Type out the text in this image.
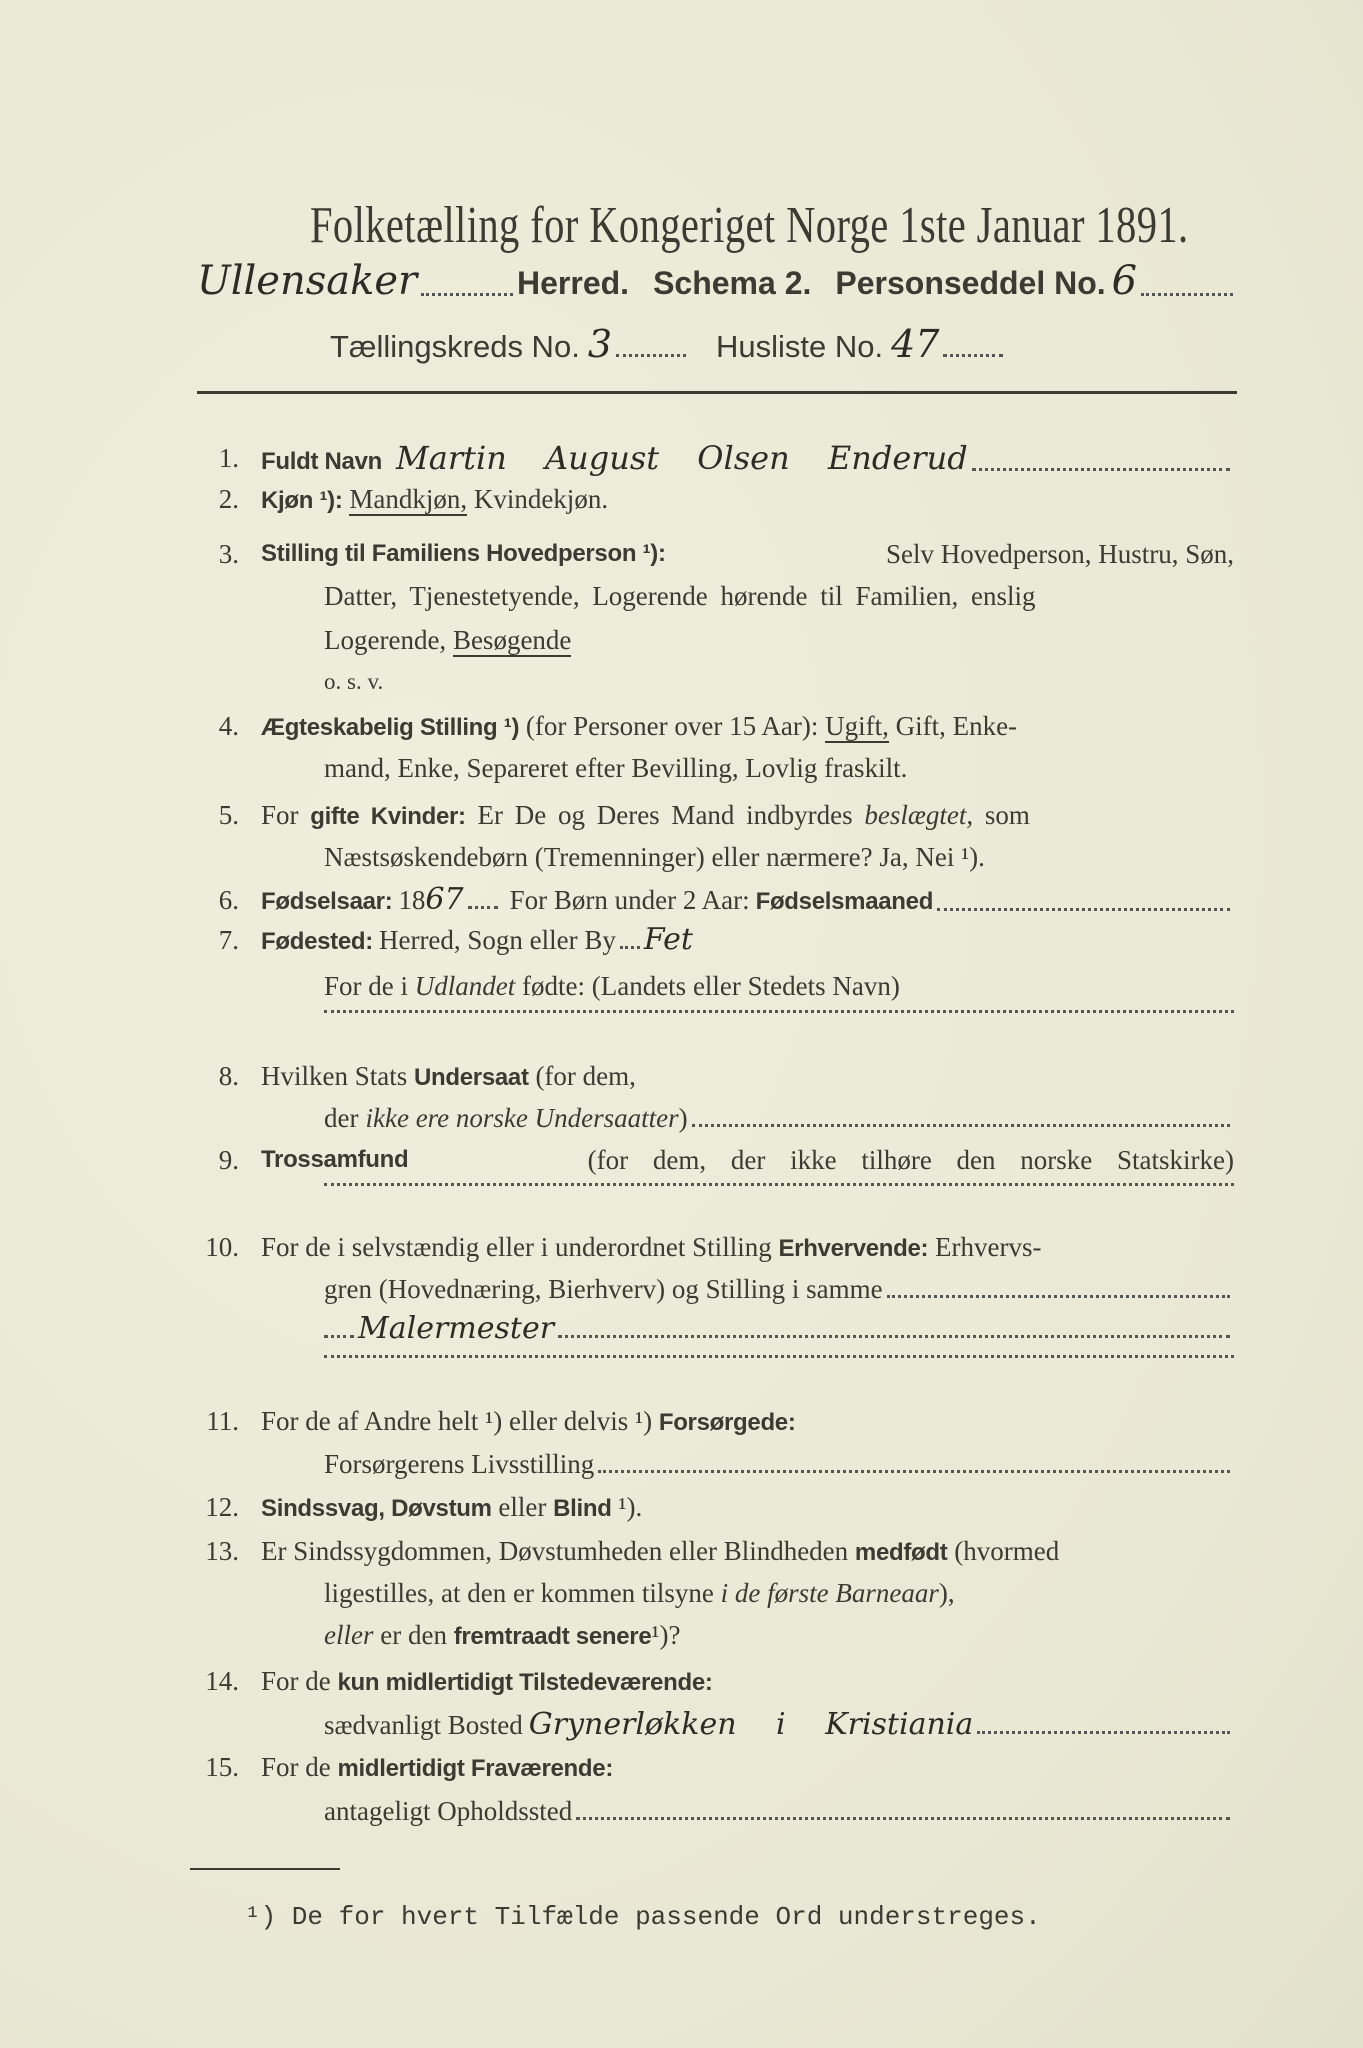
Folketælling for Kongeriget Norge 1ste Januar 1891.
Ullensaker	Herred. Schema 2. Personseddel No. 6
Tællingskreds No. 3	Husliste No. 47
1. Fuldt Navn Martin August Olsen Enderud
2. Kjøn ¹): Mandkjøn, Kvindekjøn.
3. Stilling til Familiens Hovedperson ¹):	Selv Hovedperson, Hustru, Søn,
Datter, Tjenestetyende, Logerende hørende til Familien, enslig
Logerende, Besøgende
o. s. v.
4. Ægteskabelig Stilling ¹) (for Personer over 15 Aar): Ugift, Gift, Enke-
mand, Enke, Separeret efter Bevilling, Lovlig fraskilt.
5. For gifte Kvinder: Er De og Deres Mand indbyrdes beslægtet, som
Næstsøskendebørn (Tremenninger) eller nærmere? Ja, Nei ¹).
6. Fødselsaar: 18 67 For Børn under 2 Aar: Fødselsmaaned
7. Fødested: Herred, Sogn eller By Fet
For de i Udlandet fødte: (Landets eller Stedets Navn)
8. Hvilken Stats Undersaat (for dem,
der ikke ere norske Undersaatter )
9. Trossamfund	(for dem, der ikke tilhøre den norske Statskirke)
10. For de i selvstændig eller i underordnet Stilling Erhvervende: Erhvervs-
gren (Hovednæring, Bierhverv) og Stilling i samme
Malermester
11. For de af Andre helt ¹) eller delvis ¹) Forsørgede:
Forsørgerens Livsstilling
12. Sindssvag, Døvstum eller Blind ¹).
13. Er Sindssygdommen, Døvstumheden eller Blindheden medfødt (hvormed
ligestilles, at den er kommen tilsyne i de første Barneaar),
eller er den fremtraadt senere¹)?
14. For de kun midlertidigt Tilstedeværende:
sædvanligt Bosted Grynerløkken i Kristiania
15. For de midlertidigt Fraværende:
antageligt Opholdssted
¹) De for hvert Tilfælde passende Ord understreges.
